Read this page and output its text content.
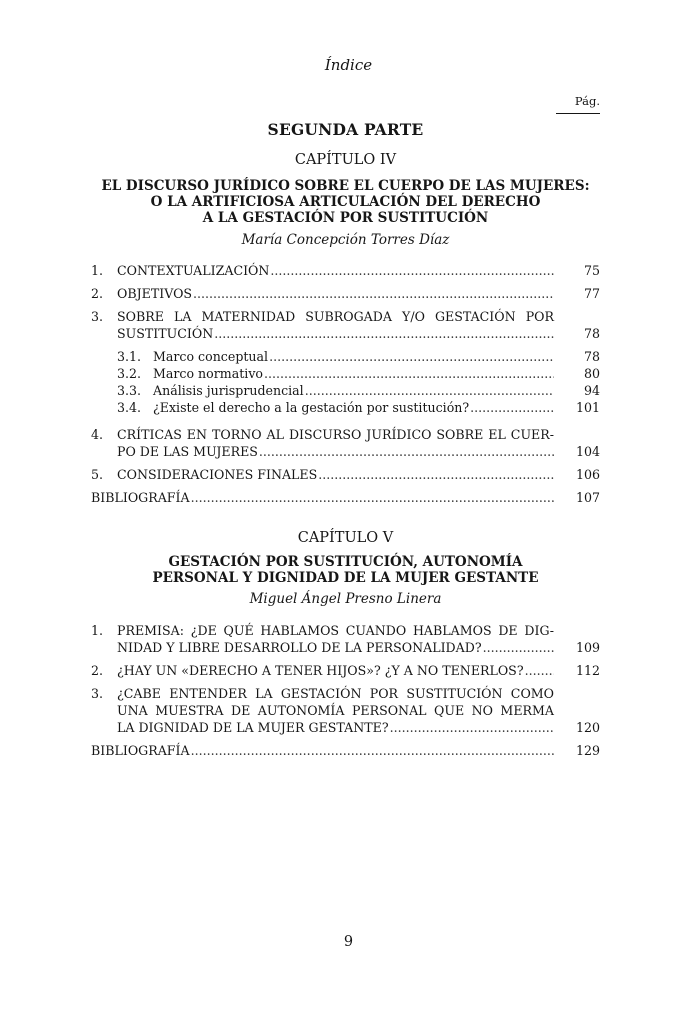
Índice
Pág.
SEGUNDA PARTE
CAPÍTULO IV
EL DISCURSO JURÍDICO SOBRE EL CUERPO DE LAS MUJERES:
O LA ARTIFICIOSA ARTICULACIÓN DEL DERECHO
A LA GESTACIÓN POR SUSTITUCIÓN
María Concepción Torres Díaz
1.	CONTEXTUALIZACIÓN .....	75
2.	OBJETIVOS .....	77
3.	SOBRE LA MATERNIDAD SUBROGADA Y/O GESTACIÓN POR
SUSTITUCIÓN .....	78
3.1. Marco conceptual .....	78
3.2. Marco normativo .....	80
3.3. Análisis jurisprudencial .....	94
3.4. ¿Existe el derecho a la gestación por sustitución? .....	101
4.	CRÍTICAS EN TORNO AL DISCURSO JURÍDICO SOBRE EL CUER-
PO DE LAS MUJERES .....	104
5.	CONSIDERACIONES FINALES .....	106
BIBLIOGRAFÍA .....	107
CAPÍTULO V
GESTACIÓN POR SUSTITUCIÓN, AUTONOMÍA
PERSONAL Y DIGNIDAD DE LA MUJER GESTANTE
Miguel Ángel Presno Linera
1.	PREMISA: ¿DE QUÉ HABLAMOS CUANDO HABLAMOS DE DIG-
NIDAD Y LIBRE DESARROLLO DE LA PERSONALIDAD? .....	109
2.	¿HAY UN «DERECHO A TENER HIJOS»? ¿Y A NO TENERLOS? .....	112
3.	¿CABE ENTENDER LA GESTACIÓN POR SUSTITUCIÓN COMO
UNA MUESTRA DE AUTONOMÍA PERSONAL QUE NO MERMA
LA DIGNIDAD DE LA MUJER GESTANTE? .....	120
BIBLIOGRAFÍA .....	129
9
